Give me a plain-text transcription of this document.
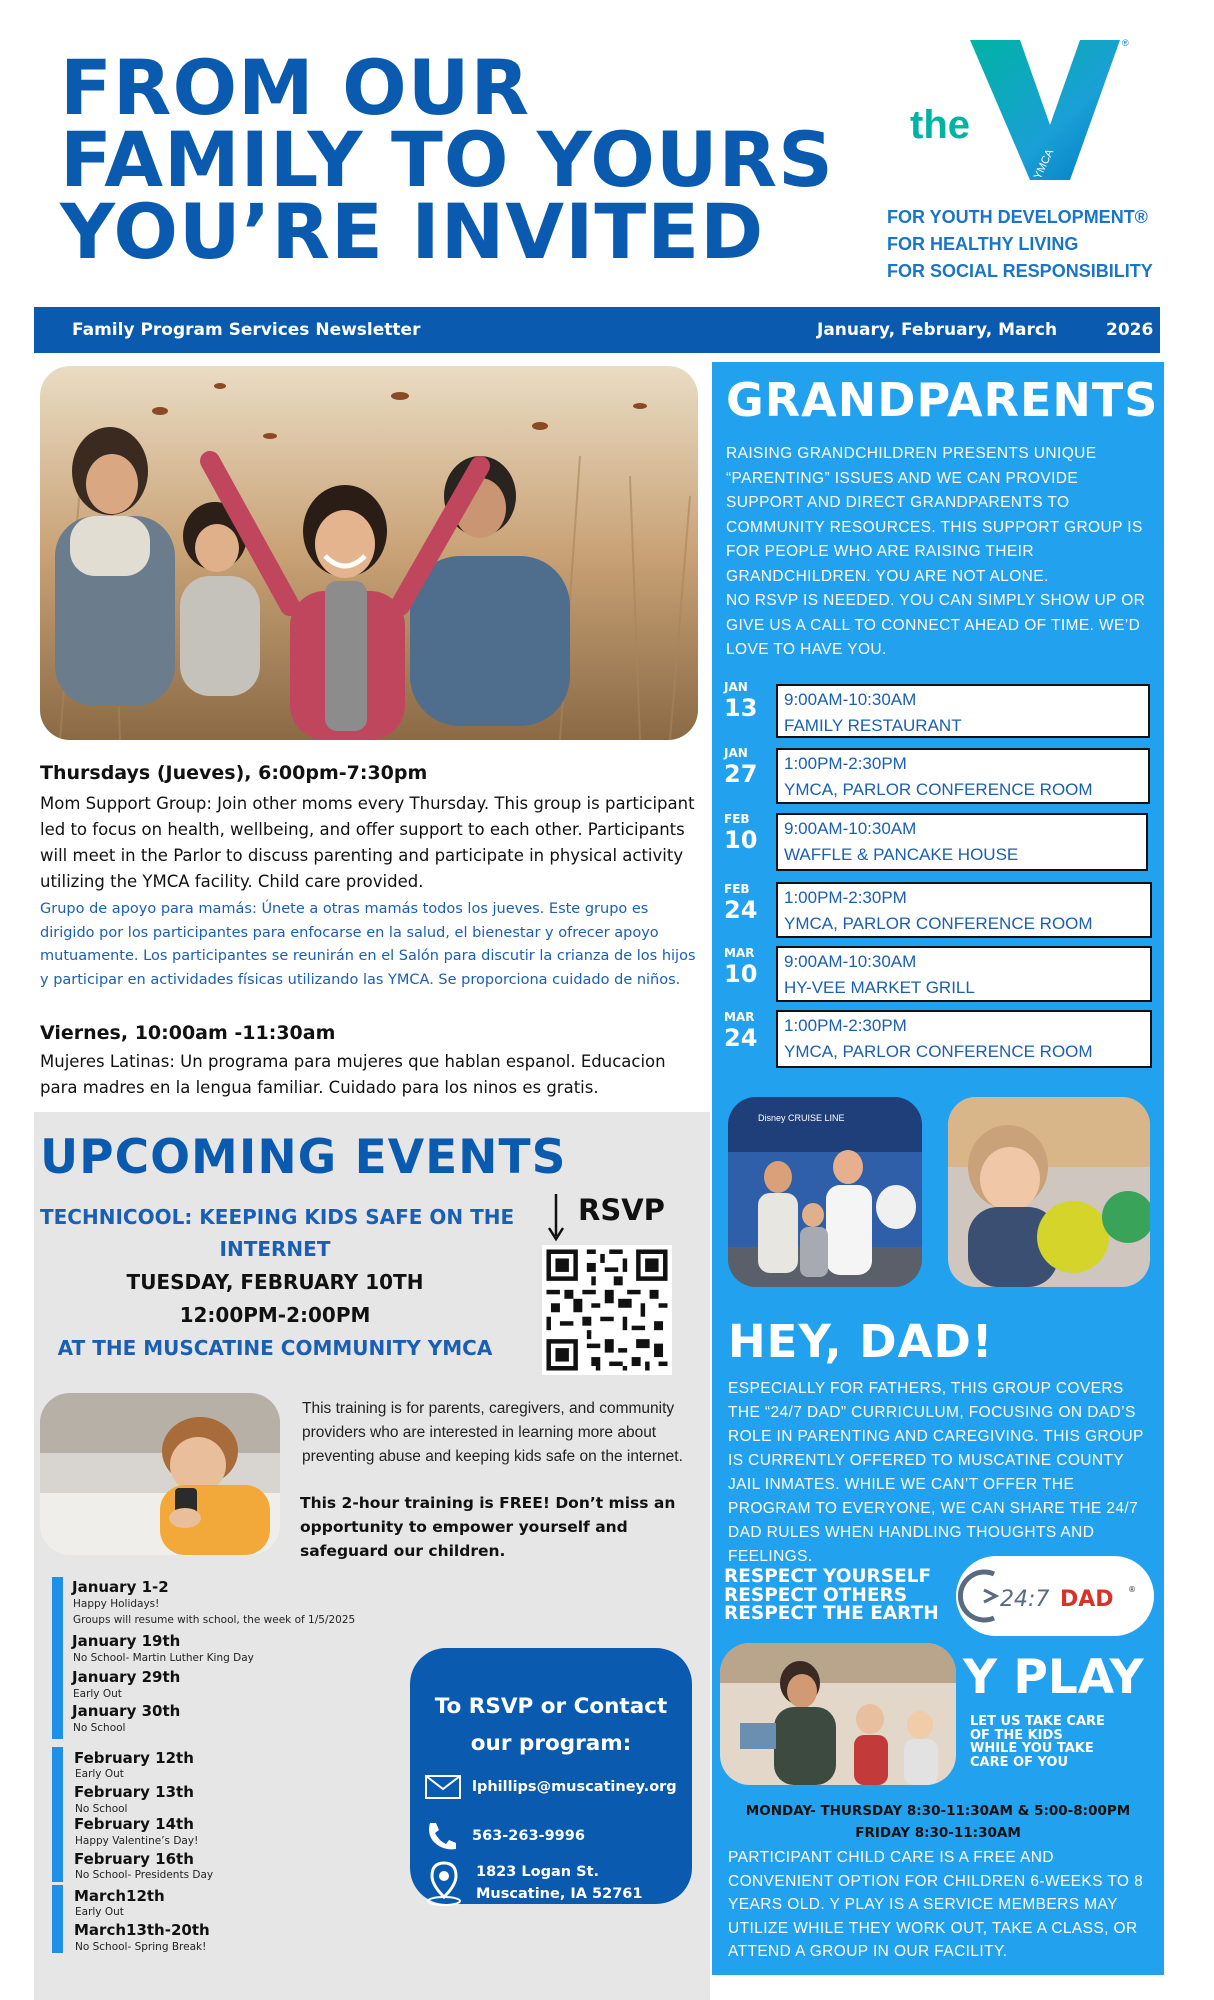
FROM OUR
FAMILY TO YOURS
YOU’RE INVITED
the
YMCA
®
FOR YOUTH DEVELOPMENT®
FOR HEALTHY LIVING
FOR SOCIAL RESPONSIBILITY
Family Program Services Newsletter	January, February, March	2026
Thursdays (Jueves), 6:00pm-7:30pm
Mom Support Group: Join other moms every Thursday. This group is participant led to focus on health, wellbeing, and offer support to each other. Participants will meet in the Parlor to discuss parenting and participate in physical activity utilizing the YMCA facility. Child care provided.
Grupo de apoyo para mamás: Únete a otras mamás todos los jueves. Este grupo es dirigido por los participantes para enfocarse en la salud, el bienestar y ofrecer apoyo mutuamente. Los participantes se reunirán en el Salón para discutir la crianza de los hijos y participar en actividades físicas utilizando las YMCA. Se proporciona cuidado de niños.
Viernes, 10:00am -11:30am
Mujeres Latinas: Un programa para mujeres que hablan espanol. Educacion para madres en la lengua familiar. Cuidado para los ninos es gratis.
UPCOMING EVENTS
TECHNICOOL: KEEPING KIDS SAFE ON THE
INTERNET
TUESDAY, FEBRUARY 10TH
12:00PM-2:00PM
AT THE MUSCATINE COMMUNITY YMCA
RSVP
This training is for parents, caregivers, and community providers who are interested in learning more about preventing abuse and keeping kids safe on the internet.
This 2-hour training is FREE! Don’t miss an opportunity to empower yourself and safeguard our children.
January 1-2
Happy Holidays!
Groups will resume with school, the week of 1/5/2025
January 19th
No School- Martin Luther King Day
January 29th
Early Out
January 30th
No School
February 12th
Early Out
February 13th
No School
February 14th
Happy Valentine’s Day!
February 16th
No School- Presidents Day
March12th
Early Out
March13th-20th
No School- Spring Break!
To RSVP or Contact
our program:
lphillips@muscatiney.org
563-263-9996
1823 Logan St.
Muscatine, IA 52761
GRANDPARENTS
RAISING GRANDCHILDREN PRESENTS UNIQUE “PARENTING” ISSUES AND WE CAN PROVIDE SUPPORT AND DIRECT GRANDPARENTS TO COMMUNITY RESOURCES. THIS SUPPORT GROUP IS FOR PEOPLE WHO ARE RAISING THEIR GRANDCHILDREN. YOU ARE NOT ALONE.
NO RSVP IS NEEDED. YOU CAN SIMPLY SHOW UP OR GIVE US A CALL TO CONNECT AHEAD OF TIME. WE’D LOVE TO HAVE YOU.
JAN
13 9:00AM-10:30AM
FAMILY RESTAURANT
JAN
27 1:00PM-2:30PM
YMCA, PARLOR CONFERENCE ROOM
FEB
10 9:00AM-10:30AM
WAFFLE & PANCAKE HOUSE
FEB
24 1:00PM-2:30PM
YMCA, PARLOR CONFERENCE ROOM
MAR
10 9:00AM-10:30AM
HY-VEE MARKET GRILL
MAR
24 1:00PM-2:30PM
YMCA, PARLOR CONFERENCE ROOM
Disney CRUISE LINE
HEY, DAD!
ESPECIALLY FOR FATHERS, THIS GROUP COVERS THE “24/7 DAD” CURRICULUM, FOCUSING ON DAD’S ROLE IN PARENTING AND CAREGIVING. THIS GROUP IS CURRENTLY OFFERED TO MUSCATINE COUNTY JAIL INMATES. WHILE WE CAN’T OFFER THE PROGRAM TO EVERYONE, WE CAN SHARE THE 24/7 DAD RULES WHEN HANDLING THOUGHTS AND FEELINGS.
RESPECT YOURSELF
RESPECT OTHERS
RESPECT THE EARTH
24:7 DAD ®
Y PLAY
LET US TAKE CARE
OF THE KIDS
WHILE YOU TAKE
CARE OF YOU
MONDAY- THURSDAY 8:30-11:30AM & 5:00-8:00PM
FRIDAY 8:30-11:30AM
PARTICIPANT CHILD CARE IS A FREE AND CONVENIENT OPTION FOR CHILDREN 6-WEEKS TO 8 YEARS OLD. Y PLAY IS A SERVICE MEMBERS MAY UTILIZE WHILE THEY WORK OUT, TAKE A CLASS, OR ATTEND A GROUP IN OUR FACILITY.
